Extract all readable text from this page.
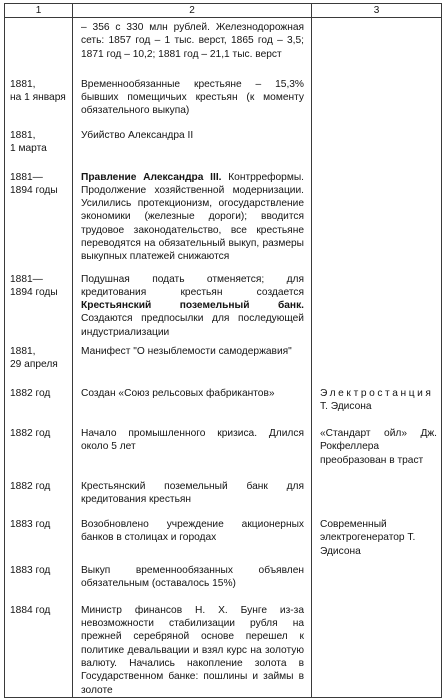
1	2	3
	– 356 с 330 млн рублей. Железнодорожная сеть: 1857 год – 1 тыс. верст, 1865 год – 3,5; 1871 год – 10,2; 1881 год – 21,1 тыс. верст	
1881,
на 1 января	Временнообязанные крестьяне – 15,3% бывших помещичьих крестьян (к моменту обязательного выкупа)	
1881,
1 марта	Убийство Александра II	
1881—
1894 годы	Правление Александра III. Контрреформы. Продолжение хозяйственной модернизации. Усилились протекционизм, огосударствление экономики (железные дороги); вводится трудовое законодательство, все крестьяне переводятся на обязательный выкуп, размеры выкупных платежей снижаются	
1881—
1894 годы	Подушная подать отменяется; для кредитования крестьян создается Крестьянский поземельный банк. Создаются предпосылки для последующей индустриализации	
1881,
29 апреля	Манифест "О незыблемости самодержавия"	
1882 год	Создан «Союз рельсовых фабрикантов»	Электростанция
Т. Эдисона
1882 год	Начало промышленного кризиса. Длился около 5 лет	«Стандарт ойл» Дж. Рокфеллера преобразован в траст
1882 год	Крестьянский поземельный банк для кредитования крестьян	
1883 год	Возобновлено учреждение акционерных банков в столицах и городах	Современный электрогенератор Т. Эдисона
1883 год	Выкуп временнообязанных объявлен обязательным (оставалось 15%)	
1884 год	Министр финансов Н. Х. Бунге из-за невозможности стабилизации рубля на прежней серебряной основе перешел к политике девальвации и взял курс на золотую валюту. Начались накопление золота в Государственном банке: пошлины и займы в золоте	
